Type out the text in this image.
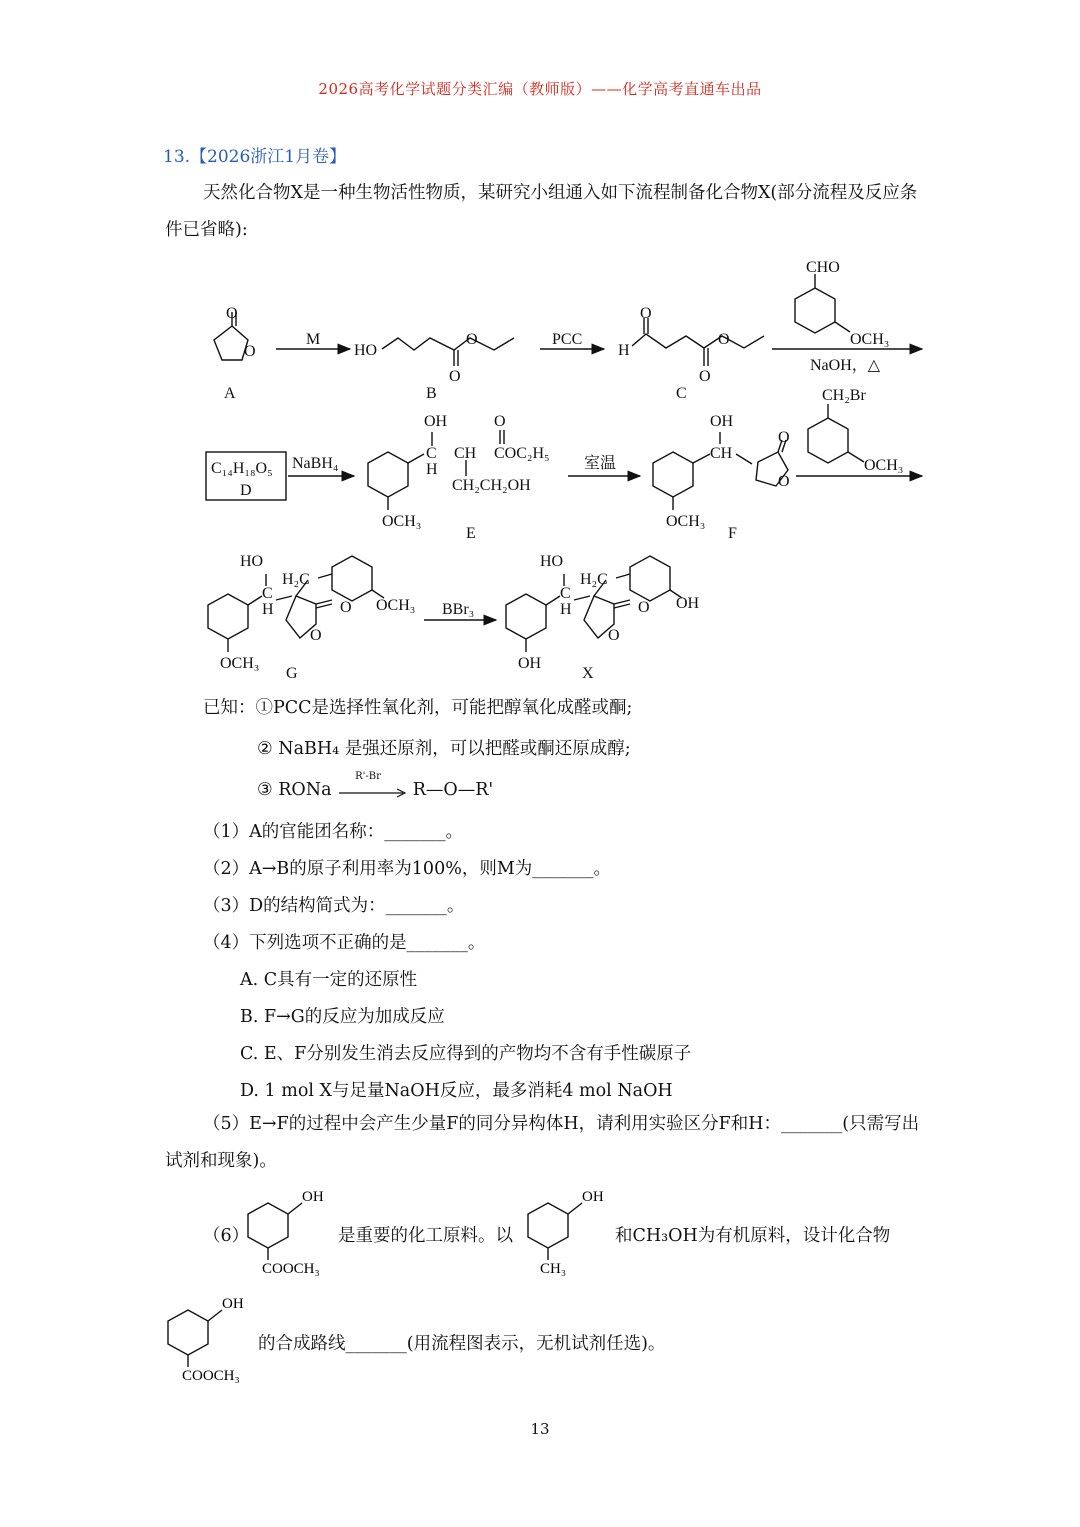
2026高考化学试题分类汇编（教师版）——化学高考直通车出品
13.【2026浙江1月卷】
天然化合物X是一种生物活性物质，某研究小组通入如下流程制备化合物X(部分流程及反应条件已省略):
O
O
A
M
HO
O
O
B
PCC
H
O
O
O
C
CHO
OCH₃
NaOH，△
C₁₄H₁₈O₅
D
NaBH₄
OH	O
C
H
CH COC₂H₅
CH₂CH₂OH
OCH₃
E
室温
OH
CH
O
O
OCH₃
F
CH₂Br
OCH₃
HO
C
H
H₂C
O
O
OCH₃
OCH₃
G
BBr₃
HO
C
H
H₂C
O
O
OH
OH
X
已知：①PCC是选择性氧化剂，可能把醇氧化成醛或酮;
② NaBH₄ 是强还原剂，可以把醛或酮还原成醇;
③ RONa
R'-Br
R—O—R'
（1）A的官能团名称：_______。
（2）A→B的原子利用率为100%，则M为_______。
（3）D的结构简式为：_______。
（4）下列选项不正确的是_______。
A. C具有一定的还原性
B. F→G的反应为加成反应
C. E、F分别发生消去反应得到的产物均不含有手性碳原子
D. 1 mol X与足量NaOH反应，最多消耗4 mol NaOH
（5）E→F的过程中会产生少量F的同分异构体H，请利用实验区分F和H：_______(只需写出试剂和现象)。
（6）
OH
COOCH₃
是重要的化工原料。以
OH
CH₃
和CH₃OH为有机原料，设计化合物
OH
COOCH₃
的合成路线_______(用流程图表示，无机试剂任选)。
13
